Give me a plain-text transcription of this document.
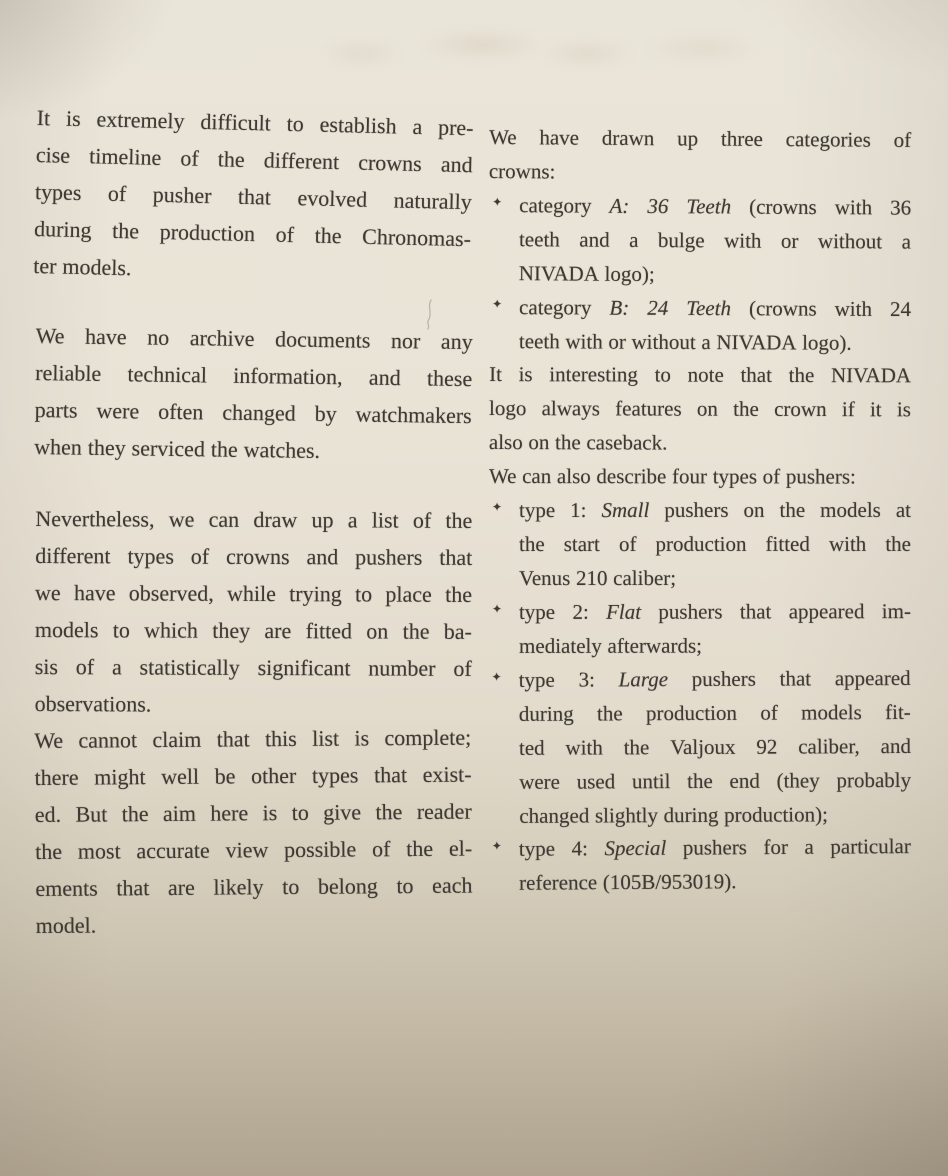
It is extremely difficult to establish a pre-
cise timeline of the different crowns and
types of pusher that evolved naturally
during the production of the Chronomas-
ter models.
We have no archive documents nor any
reliable technical information, and these
parts were often changed by watchmakers
when they serviced the watches.
Nevertheless, we can draw up a list of the
different types of crowns and pushers that
we have observed, while trying to place the
models to which they are fitted on the ba-
sis of a statistically significant number of
observations.
We cannot claim that this list is complete;
there might well be other types that exist-
ed. But the aim here is to give the reader
the most accurate view possible of the el-
ements that are likely to belong to each
model.
We have drawn up three categories of
crowns:
✦ category A: 36 Teeth (crowns with 36
teeth and a bulge with or without a
NIVADA logo);
✦ category B: 24 Teeth (crowns with 24
teeth with or without a NIVADA logo).
It is interesting to note that the NIVADA
logo always features on the crown if it is
also on the caseback.
We can also describe four types of pushers:
✦ type 1: Small pushers on the models at
the start of production fitted with the
Venus 210 caliber;
✦ type 2: Flat pushers that appeared im-
mediately afterwards;
✦ type 3: Large pushers that appeared
during the production of models fit-
ted with the Valjoux 92 caliber, and
were used until the end (they probably
changed slightly during production);
✦ type 4: Special pushers for a particular
reference (105B/953019).
